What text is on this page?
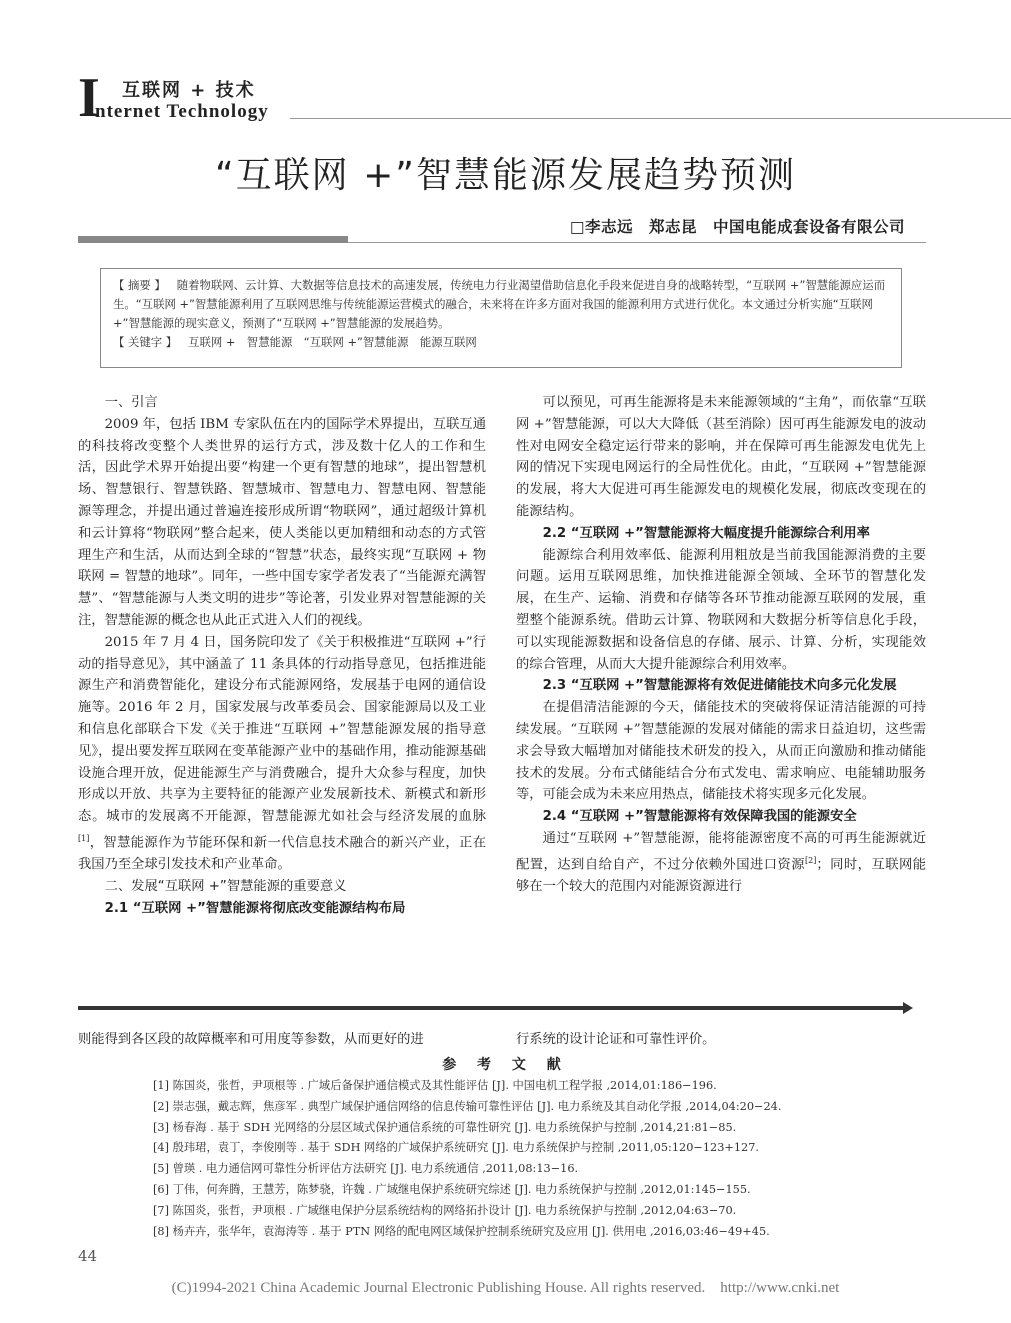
I 互联网 + 技术
nternet Technology
“互联网 +”智慧能源发展趋势预测
□李志远　郑志昆　中国电能成套设备有限公司

【 摘要 】 随着物联网、云计算、大数据等信息技术的高速发展，传统电力行业渴望借助信息化手段来促进自身的战略转型，“互联网 +”智慧能源应运而生。“互联网 +”智慧能源利用了互联网思维与传统能源运营模式的融合，未来将在许多方面对我国的能源利用方式进行优化。本文通过分析实施“互联网 +”智慧能源的现实意义，预测了“互联网 +”智慧能源的发展趋势。

【 关键字 】 互联网 +　智慧能源　“互联网 +”智慧能源　能源互联网

一、引言

2009 年，包括 IBM 专家队伍在内的国际学术界提出，互联互通的科技将改变整个人类世界的运行方式，涉及数十亿人的工作和生活，因此学术界开始提出要“构建一个更有智慧的地球”，提出智慧机场、智慧银行、智慧铁路、智慧城市、智慧电力、智慧电网、智慧能源等理念，并提出通过普遍连接形成所谓“物联网”，通过超级计算机和云计算将“物联网”整合起来，使人类能以更加精细和动态的方式管理生产和生活，从而达到全球的“智慧”状态，最终实现“互联网 + 物联网 = 智慧的地球”。同年，一些中国专家学者发表了“当能源充满智慧”、“智慧能源与人类文明的进步”等论著，引发业界对智慧能源的关注，智慧能源的概念也从此正式进入人们的视线。

2015 年 7 月 4 日，国务院印发了《关于积极推进“互联网 +”行动的指导意见》，其中涵盖了 11 条具体的行动指导意见，包括推进能源生产和消费智能化，建设分布式能源网络，发展基于电网的通信设施等。2016 年 2 月，国家发展与改革委员会、国家能源局以及工业和信息化部联合下发《关于推进“互联网 +”智慧能源发展的指导意见》，提出要发挥互联网在变革能源产业中的基础作用，推动能源基础设施合理开放，促进能源生产与消费融合，提升大众参与程度，加快形成以开放、共享为主要特征的能源产业发展新技术、新模式和新形态。城市的发展离不开能源，智慧能源尤如社会与经济发展的血脉[1]，智慧能源作为节能环保和新一代信息技术融合的新兴产业，正在我国乃至全球引发技术和产业革命。

二、发展“互联网 +”智慧能源的重要意义

2.1 “互联网 +”智慧能源将彻底改变能源结构布局

可以预见，可再生能源将是未来能源领域的“主角”，而依靠“互联网 +”智慧能源，可以大大降低（甚至消除）因可再生能源发电的波动性对电网安全稳定运行带来的影响，并在保障可再生能源发电优先上网的情况下实现电网运行的全局性优化。由此，“互联网 +”智慧能源的发展，将大大促进可再生能源发电的规模化发展，彻底改变现在的能源结构。

2.2 “互联网 +”智慧能源将大幅度提升能源综合利用率

能源综合利用效率低、能源利用粗放是当前我国能源消费的主要问题。运用互联网思维，加快推进能源全领域、全环节的智慧化发展，在生产、运输、消费和存储等各环节推动能源互联网的发展，重塑整个能源系统。借助云计算、物联网和大数据分析等信息化手段，可以实现能源数据和设备信息的存储、展示、计算、分析，实现能效的综合管理，从而大大提升能源综合利用效率。

2.3 “互联网 +”智慧能源将有效促进储能技术向多元化发展

在提倡清洁能源的今天，储能技术的突破将保证清洁能源的可持续发展。“互联网 +”智慧能源的发展对储能的需求日益迫切，这些需求会导致大幅增加对储能技术研发的投入，从而正向激励和推动储能技术的发展。分布式储能结合分布式发电、需求响应、电能辅助服务等，可能会成为未来应用热点，储能技术将实现多元化发展。

2.4 “互联网 +”智慧能源将有效保障我国的能源安全

通过“互联网 +”智慧能源，能将能源密度不高的可再生能源就近配置，达到自给自产，不过分依赖外国进口资源[2]；同时，互联网能够在一个较大的范围内对能源资源进行

则能得到各区段的故障概率和可用度等参数，从而更好的进	行系统的设计论证和可靠性评价。
参 考 文 献
[1] 陈国炎，张哲，尹项根等 . 广域后备保护通信模式及其性能评估 [J]. 中国电机工程学报 ,2014,01:186−196.
[2] 崇志强，戴志辉，焦彦军 . 典型广域保护通信网络的信息传输可靠性评估 [J]. 电力系统及其自动化学报 ,2014,04:20−24.
[3] 杨春海 . 基于 SDH 光网络的分层区域式保护通信系统的可靠性研究 [J]. 电力系统保护与控制 ,2014,21:81−85.
[4] 殷玮珺，袁丁，李俊刚等 . 基于 SDH 网络的广域保护系统研究 [J]. 电力系统保护与控制 ,2011,05:120−123+127.
[5] 曾瑛 . 电力通信网可靠性分析评估方法研究 [J]. 电力系统通信 ,2011,08:13−16.
[6] 丁伟，何奔腾，王慧芳，陈梦骁，许魏 . 广域继电保护系统研究综述 [J]. 电力系统保护与控制 ,2012,01:145−155.
[7] 陈国炎，张哲，尹项根 . 广域继电保护分层系统结构的网络拓扑设计 [J]. 电力系统保护与控制 ,2012,04:63−70.
[8] 杨卉卉，张华年，袁海涛等 . 基于 PTN 网络的配电网区域保护控制系统研究及应用 [J]. 供用电 ,2016,03:46−49+45.
44
(C)1994-2021 China Academic Journal Electronic Publishing House. All rights reserved.　http://www.cnki.net
